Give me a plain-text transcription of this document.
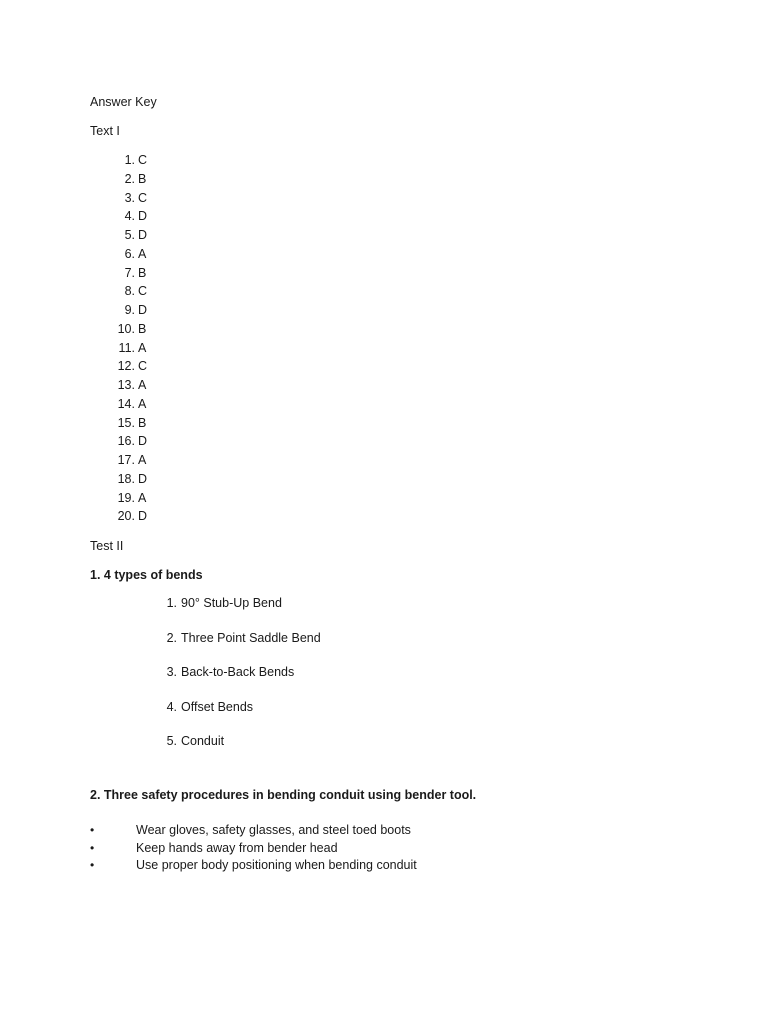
Answer Key
Text I
1. C
2. B
3. C
4. D
5. D
6. A
7. B
8. C
9. D
10. B
11. A
12. C
13. A
14. A
15. B
16. D
17. A
18. D
19. A
20. D
Test II
1. 4 types of bends
1. 90° Stub-Up Bend
2. Three Point Saddle Bend
3. Back-to-Back Bends
4. Offset Bends
5. Conduit
2. Three safety procedures in bending conduit using bender tool.
•	Wear gloves, safety glasses, and steel toed boots
•	Keep hands away from bender head
•	Use proper body positioning when bending conduit
